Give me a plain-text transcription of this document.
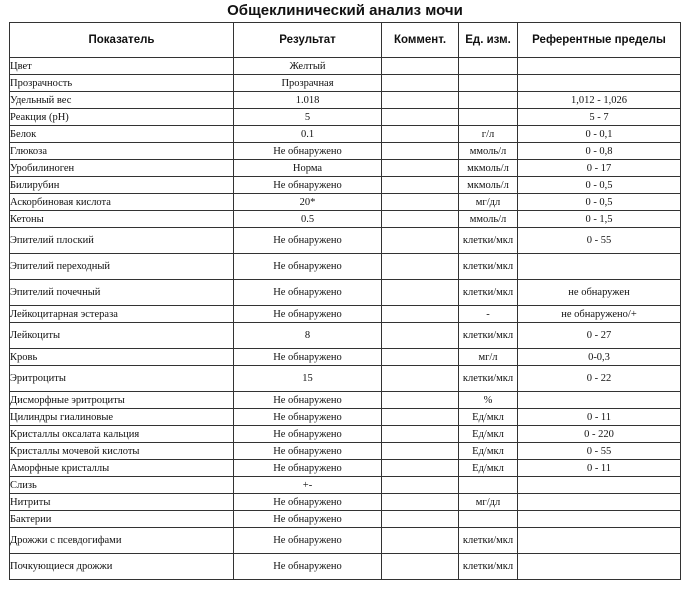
Общеклинический анализ мочи
Показатель	Результат	Коммент.	Ед. изм.	Референтные пределы
Цвет	Желтый			
Прозрачность	Прозрачная			
Удельный вес	1.018			1,012 - 1,026
Реакция (pH)	5			5 - 7
Белок	0.1		г/л	0 - 0,1
Глюкоза	Не обнаружено		ммоль/л	0 - 0,8
Уробилиноген	Норма		мкмоль/л	0 - 17
Билирубин	Не обнаружено		мкмоль/л	0 - 0,5
Аскорбиновая кислота	20*		мг/дл	0 - 0,5
Кетоны	0.5		ммоль/л	0 - 1,5
Эпителий плоский	Не обнаружено		клетки/мкл	0 - 55
Эпителий переходный	Не обнаружено		клетки/мкл	
Эпителий почечный	Не обнаружено		клетки/мкл	не обнаружен
Лейкоцитарная эстераза	Не обнаружено		-	не обнаружено/+
Лейкоциты	8		клетки/мкл	0 - 27
Кровь	Не обнаружено		мг/л	0-0,3
Эритроциты	15		клетки/мкл	0 - 22
Дисморфные эритроциты	Не обнаружено		%	
Цилиндры гиалиновые	Не обнаружено		Ед/мкл	0 - 11
Кристаллы оксалата кальция	Не обнаружено		Ед/мкл	0 - 220
Кристаллы мочевой кислоты	Не обнаружено		Ед/мкл	0 - 55
Аморфные кристаллы	Не обнаружено		Ед/мкл	0 - 11
Слизь	+-			
Нитриты	Не обнаружено		мг/дл	
Бактерии	Не обнаружено			
Дрожжи с псевдогифами	Не обнаружено		клетки/мкл	
Почкующиеся дрожжи	Не обнаружено		клетки/мкл	
